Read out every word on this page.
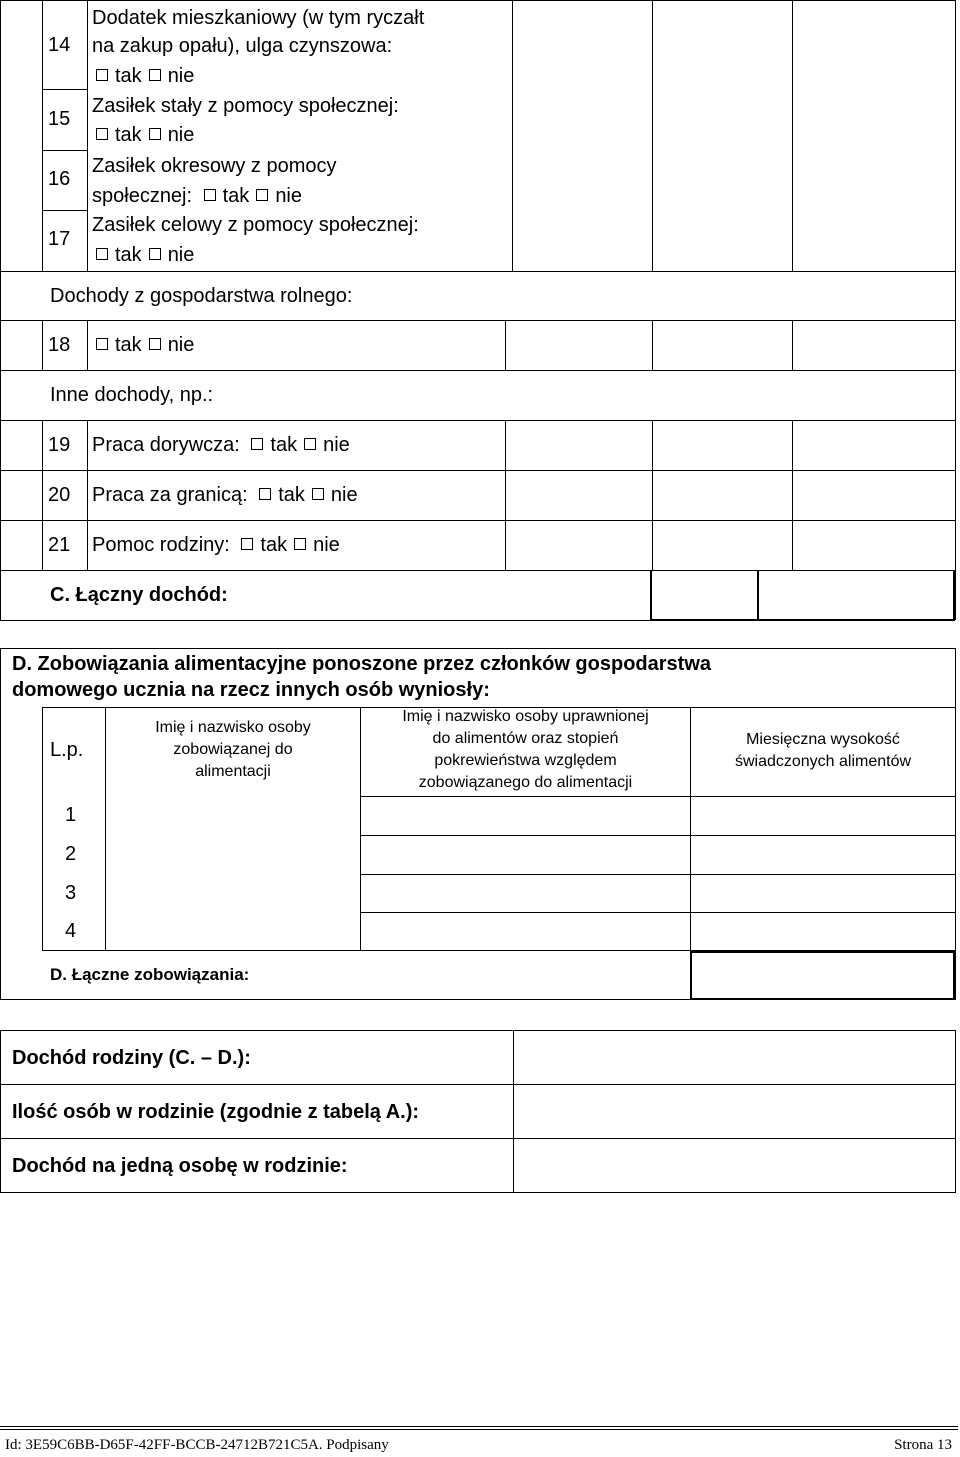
14
Dodatek mieszkaniowy (w tym ryczałt
na zakup opału), ulga czynszowa:
tak nie
15
Zasiłek stały z pomocy społecznej:
tak nie
16
Zasiłek okresowy z pomocy
społecznej: tak nie
17
Zasiłek celowy z pomocy społecznej:
tak nie
Dochody z gospodarstwa rolnego:
18	tak nie
Inne dochody, np.:
19 Praca dorywcza: tak nie
20 Praca za granicą: tak nie
21 Pomoc rodziny: tak nie
C. Łączny dochód:
D. Zobowiązania alimentacyjne ponoszone przez członków gospodarstwa
domowego ucznia na rzecz innych osób wyniosły:
L.p.
Imię i nazwisko osoby
zobowiązanej do
alimentacji
Imię i nazwisko osoby uprawnionej
do alimentów oraz stopień
pokrewieństwa względem
zobowiązanego do alimentacji
Miesięczna wysokość
świadczonych alimentów
1
2
3
4
D. Łączne zobowiązania:
Dochód rodziny (C. – D.):
Ilość osób w rodzinie (zgodnie z tabelą A.):
Dochód na jedną osobę w rodzinie:
Id: 3E59C6BB-D65F-42FF-BCCB-24712B721C5A. Podpisany	Strona 13
